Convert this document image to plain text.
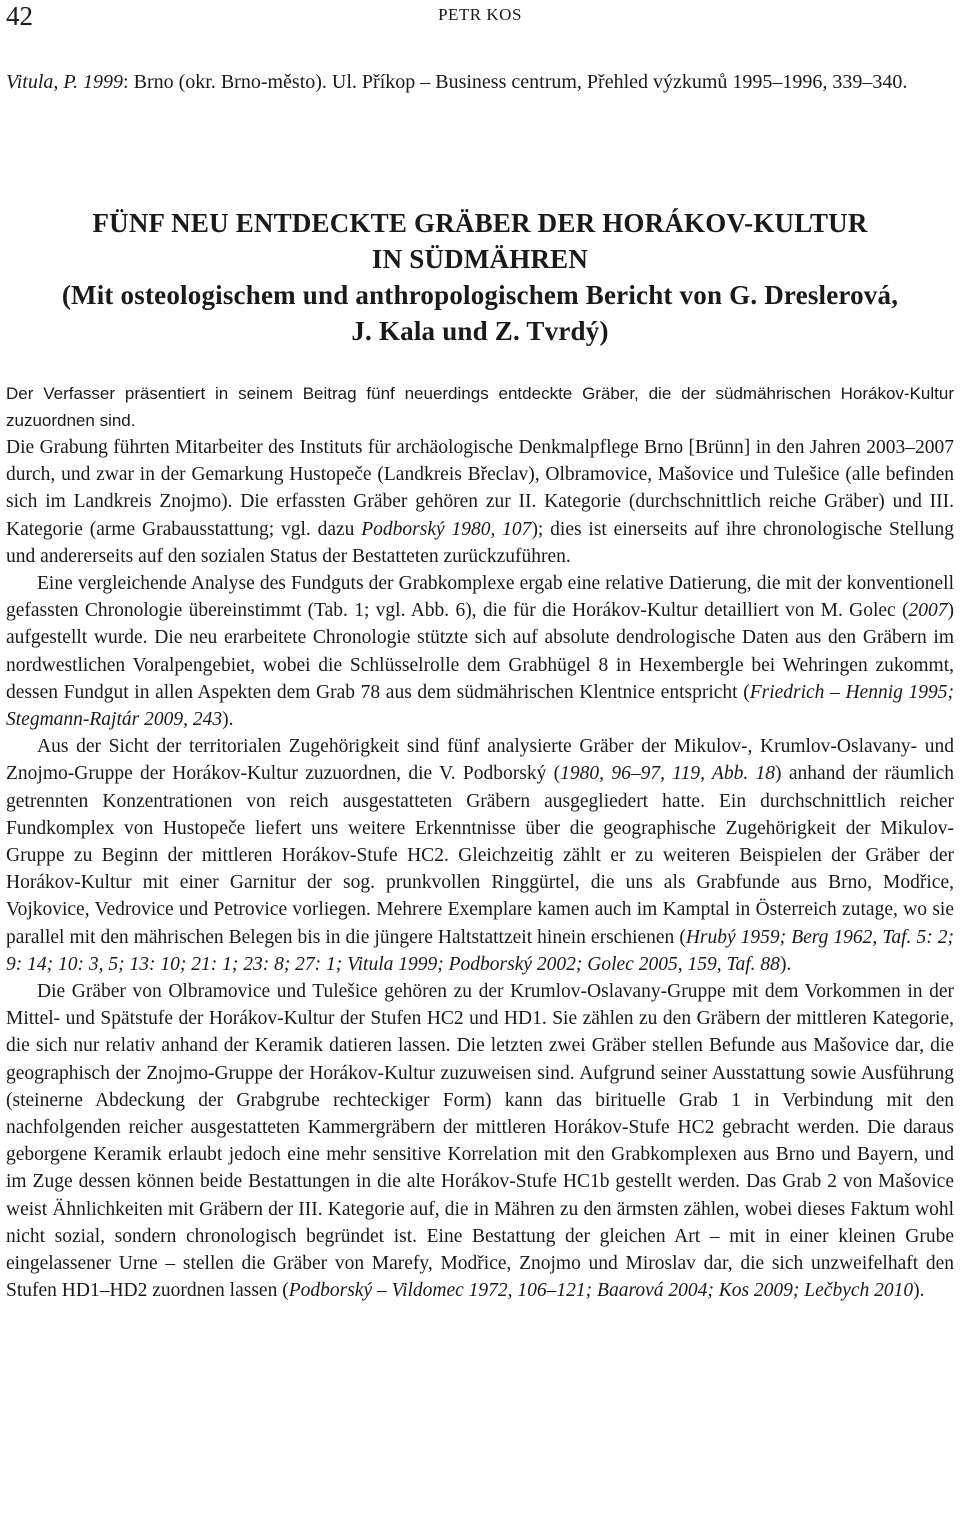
42	PETR KOS
Vitula, P. 1999: Brno (okr. Brno-město). Ul. Příkop – Business centrum, Přehled výzkumů 1995–1996, 339–340.
FÜNF NEU ENTDECKTE GRÄBER DER HORÁKOV-KULTUR
IN SÜDMÄHREN
(Mit osteologischem und anthropologischem Bericht von G. Dreslerová,
J. Kala und Z. Tvrdý)
Der Verfasser präsentiert in seinem Beitrag fünf neuerdings entdeckte Gräber, die der südmährischen Horákov-Kultur zuzuordnen sind.

Die Grabung führten Mitarbeiter des Instituts für archäologische Denkmalpflege Brno [Brünn] in den Jahren 2003–2007 durch, und zwar in der Gemarkung Hustopeče (Landkreis Břeclav), Olbramovice, Mašovice und Tulešice (alle befinden sich im Landkreis Znojmo). Die erfassten Gräber gehören zur II. Kategorie (durchschnittlich reiche Gräber) und III. Kategorie (arme Grabausstattung; vgl. dazu Podborský 1980, 107); dies ist einerseits auf ihre chronologische Stellung und andererseits auf den sozialen Status der Bestatteten zurückzuführen.

Eine vergleichende Analyse des Fundguts der Grabkomplexe ergab eine relative Datierung, die mit der konventionell gefassten Chronologie übereinstimmt (Tab. 1; vgl. Abb. 6), die für die Horákov-Kultur detailliert von M. Golec (2007) aufgestellt wurde. Die neu erarbeitete Chronologie stützte sich auf absolute dendrologische Daten aus den Gräbern im nordwestlichen Voralpengebiet, wobei die Schlüsselrolle dem Grabhügel 8 in Hexembergle bei Wehringen zukommt, dessen Fundgut in allen Aspekten dem Grab 78 aus dem südmährischen Klentnice entspricht (Friedrich – Hennig 1995; Stegmann-Rajtár 2009, 243).

Aus der Sicht der territorialen Zugehörigkeit sind fünf analysierte Gräber der Mikulov-, Krumlov-Oslavany- und Znojmo-Gruppe der Horákov-Kultur zuzuordnen, die V. Podborský (1980, 96–97, 119, Abb. 18) anhand der räumlich getrennten Konzentrationen von reich ausgestatteten Gräbern ausgegliedert hatte. Ein durchschnittlich reicher Fundkomplex von Hustopeče liefert uns weitere Erkenntnisse über die geographische Zugehörigkeit der Mikulov-Gruppe zu Beginn der mittleren Horákov-Stufe HC2. Gleichzeitig zählt er zu weiteren Beispielen der Gräber der Horákov-Kultur mit einer Garnitur der sog. prunkvollen Ringgürtel, die uns als Grabfunde aus Brno, Modřice, Vojkovice, Vedrovice und Petrovice vorliegen. Mehrere Exemplare kamen auch im Kamptal in Österreich zutage, wo sie parallel mit den mährischen Belegen bis in die jüngere Haltstattzeit hinein erschienen (Hrubý 1959; Berg 1962, Taf. 5: 2; 9: 14; 10: 3, 5; 13: 10; 21: 1; 23: 8; 27: 1; Vitula 1999; Podborský 2002; Golec 2005, 159, Taf. 88).

Die Gräber von Olbramovice und Tulešice gehören zu der Krumlov-Oslavany-Gruppe mit dem Vorkommen in der Mittel- und Spätstufe der Horákov-Kultur der Stufen HC2 und HD1. Sie zählen zu den Gräbern der mittleren Kategorie, die sich nur relativ anhand der Keramik datieren lassen. Die letzten zwei Gräber stellen Befunde aus Mašovice dar, die geographisch der Znojmo-Gruppe der Horákov-Kultur zuzuweisen sind. Aufgrund seiner Ausstattung sowie Ausführung (steinerne Abdeckung der Grabgrube rechteckiger Form) kann das birituelle Grab 1 in Verbindung mit den nachfolgenden reicher ausgestatteten Kammergräbern der mittleren Horákov-Stufe HC2 gebracht werden. Die daraus geborgene Keramik erlaubt jedoch eine mehr sensitive Korrelation mit den Grabkomplexen aus Brno und Bayern, und im Zuge dessen können beide Bestattungen in die alte Horákov-Stufe HC1b gestellt werden. Das Grab 2 von Mašovice weist Ähnlichkeiten mit Gräbern der III. Kategorie auf, die in Mähren zu den ärmsten zählen, wobei dieses Faktum wohl nicht sozial, sondern chronologisch begründet ist. Eine Bestattung der gleichen Art – mit in einer kleinen Grube eingelassener Urne – stellen die Gräber von Marefy, Modřice, Znojmo und Miroslav dar, die sich unzweifelhaft den Stufen HD1–HD2 zuordnen lassen (Podborský – Vildomec 1972, 106–121; Baarová 2004; Kos 2009; Lečbych 2010).
